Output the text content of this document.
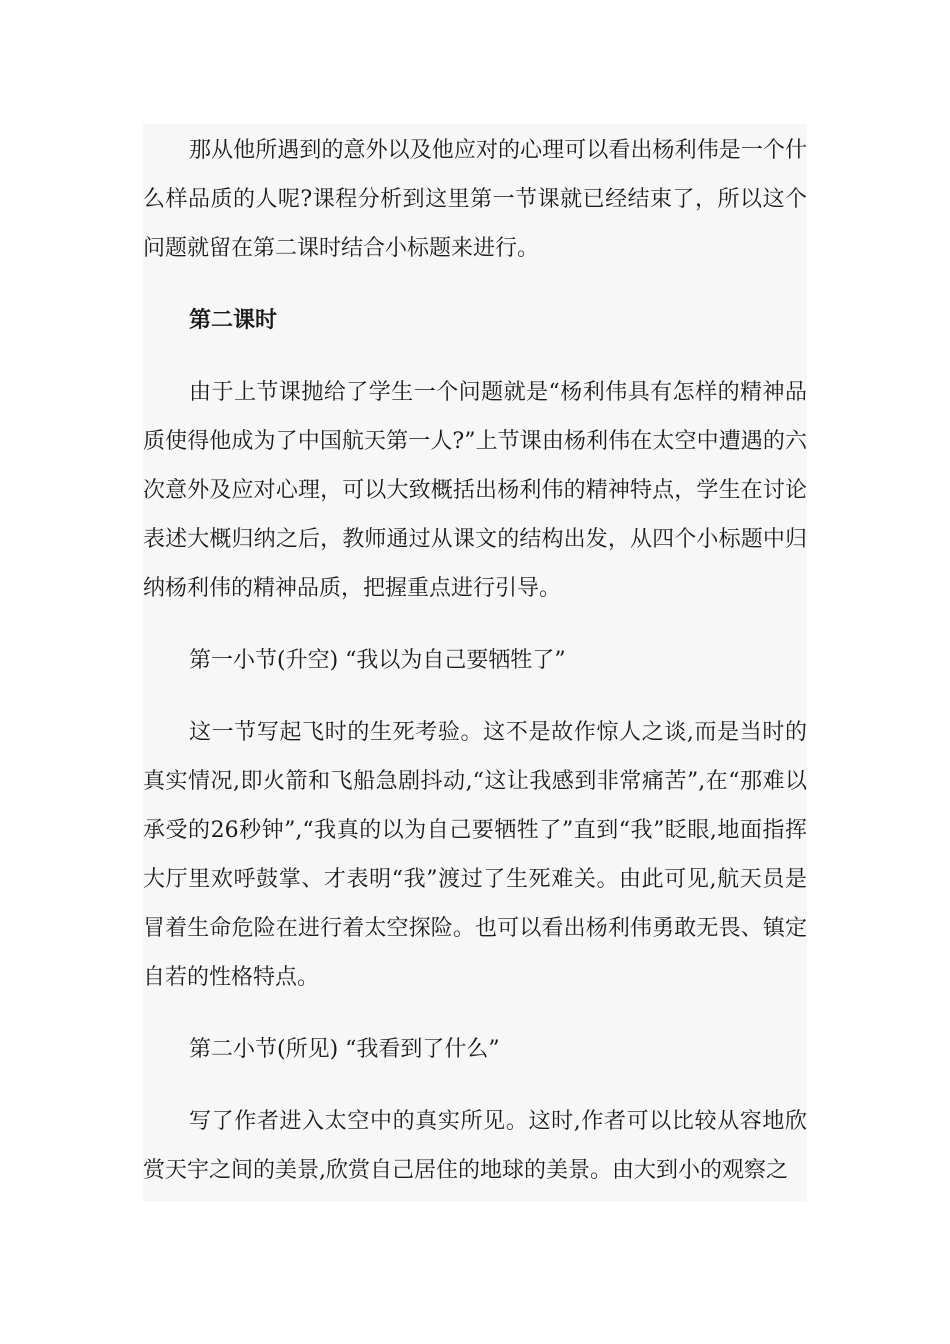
那从他所遇到的意外以及他应对的心理可以看出杨利伟是一个什么样品质的人呢?课程分析到这里第一节课就已经结束了，所以这个问题就留在第二课时结合小标题来进行。

第二课时

由于上节课抛给了学生一个问题就是“杨利伟具有怎样的精神品质使得他成为了中国航天第一人?”上节课由杨利伟在太空中遭遇的六次意外及应对心理，可以大致概括出杨利伟的精神特点，学生在讨论表述大概归纳之后，教师通过从课文的结构出发，从四个小标题中归纳杨利伟的精神品质，把握重点进行引导。

第一小节(升空) “我以为自己要牺牲了”

这一节写起飞时的生死考验。这不是故作惊人之谈,而是当时的真实情况,即火箭和飞船急剧抖动,“这让我感到非常痛苦”,在“那难以承受的26秒钟”,“我真的以为自己要牺牲了”直到“我”眨眼,地面指挥大厅里欢呼鼓掌、才表明“我”渡过了生死难关。由此可见,航天员是冒着生命危险在进行着太空探险。也可以看出杨利伟勇敢无畏、镇定自若的性格特点。

第二小节(所见) “我看到了什么”

写了作者进入太空中的真实所见。这时,作者可以比较从容地欣赏天宇之间的美景,欣赏自己居住的地球的美景。由大到小的观察之
